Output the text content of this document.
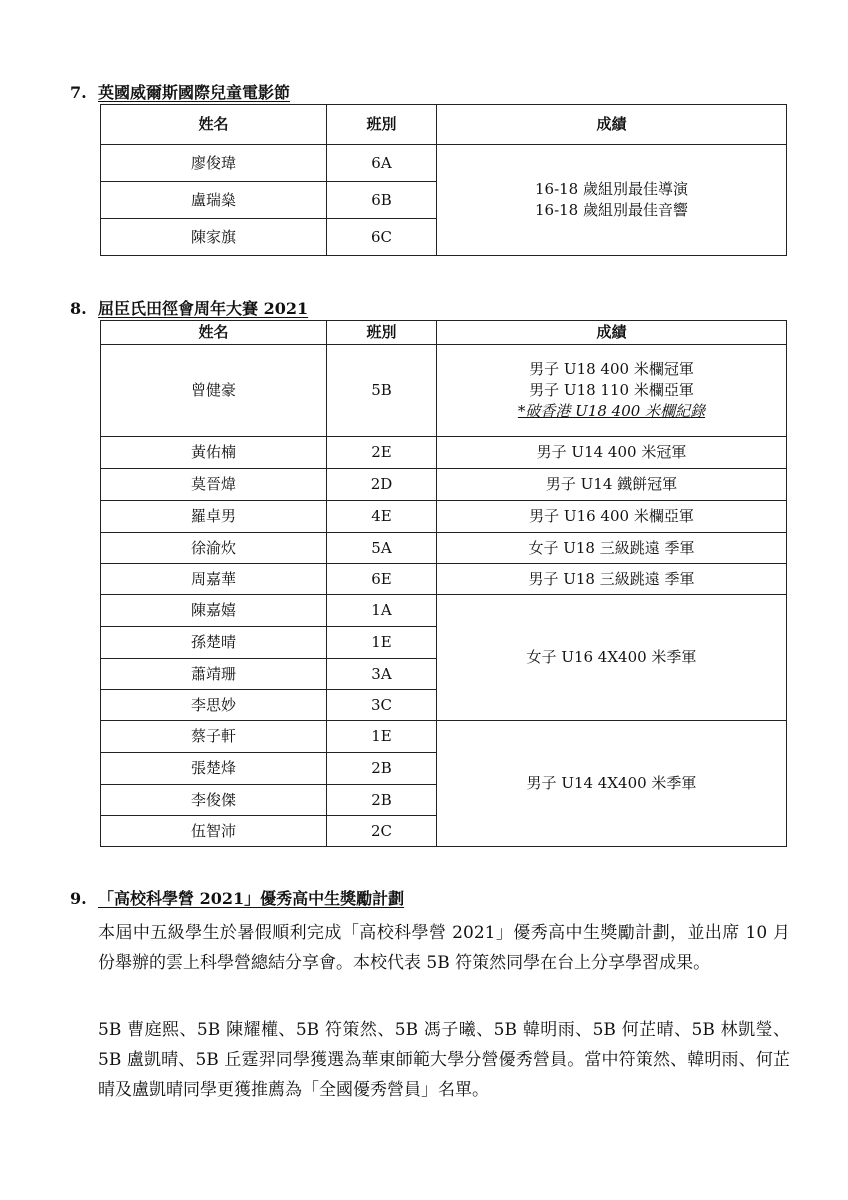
7. 英國威爾斯國際兒童電影節
姓名	班別	成績
廖俊瑋	6A	16-18 歲組別最佳導演
16-18 歲組別最佳音響

盧瑞燊	6B	
陳家旗	6C	
8. 屈臣氏田徑會周年大賽 2021
姓名	班別	成績
曾健豪	5B	男子 U18 400 米欄冠軍
男子 U18 110 米欄亞軍
*破香港 U18 400 米欄紀錄

黃佑楠	2E	男子 U14 400 米冠軍
莫晉煒	2D	男子 U14 鐵餅冠軍
羅卓男	4E	男子 U16 400 米欄亞軍
徐渝炊	5A	女子 U18 三級跳遠 季軍
周嘉華	6E	男子 U18 三級跳遠 季軍
陳嘉嬉	1A	女子 U16 4X400 米季軍
孫楚晴	1E	
蕭靖珊	3A	
李思妙	3C	
蔡子軒	1E	男子 U14 4X400 米季軍
張楚烽	2B	
李俊傑	2B	
伍智沛	2C	
9. 「高校科學營 2021」優秀高中生獎勵計劃

本屆中五級學生於暑假順利完成「高校科學營 2021」優秀高中生獎勵計劃，並出席 10 月份舉辦的雲上科學營總結分享會。本校代表 5B 符策然同學在台上分享學習成果。

5B 曹庭熙、5B 陳耀權、5B 符策然、5B 馮子曦、5B 韓明雨、5B 何芷晴、5B 林凱瑩、5B 盧凱晴、5B 丘霆羿同學獲選為華東師範大學分營優秀營員。當中符策然、韓明雨、何芷晴及盧凱晴同學更獲推薦為「全國優秀營員」名單。
